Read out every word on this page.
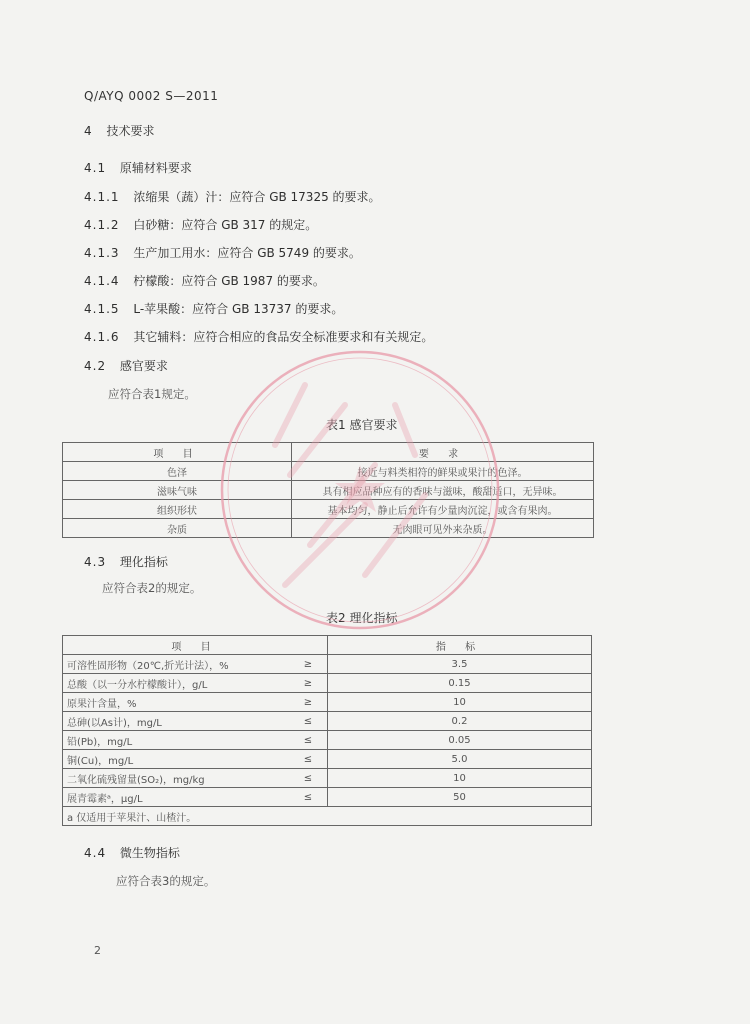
Q/AYQ 0002 S—2011
4 技术要求
4.1 原辅材料要求
4.1.1 浓缩果（蔬）汁：应符合 GB 17325 的要求。
4.1.2 白砂糖：应符合 GB 317 的规定。
4.1.3 生产加工用水：应符合 GB 5749 的要求。
4.1.4 柠檬酸：应符合 GB 1987 的要求。
4.1.5 L-苹果酸：应符合 GB 13737 的要求。
4.1.6 其它辅料：应符合相应的食品安全标准要求和有关规定。
4.2 感官要求
应符合表1规定。
表1 感官要求
项 目	要 求
色泽	接近与料类相符的鲜果或果汁的色泽。
滋味气味	具有相应品种应有的香味与滋味，酸甜适口，无异味。
组织形状	基本均匀，静止后允许有少量肉沉淀，或含有果肉。
杂质	无肉眼可见外来杂质。
4.3 理化指标
应符合表2的规定。
表2 理化指标
项 目		指 标
可溶性固形物（20℃,折光计法），%	≥	3.5
总酸（以一分水柠檬酸计），g/L	≥	0.15
原果汁含量，%	≥	10
总砷(以As计)，mg/L	≤	0.2
铅(Pb)，mg/L	≤	0.05
铜(Cu)，mg/L	≤	5.0
二氧化硫残留量(SO₂)，mg/kg	≤	10
展青霉素ᵃ，μg/L	≤	50
a 仅适用于苹果汁、山楂汁。		
4.4 微生物指标
应符合表3的规定。
2
